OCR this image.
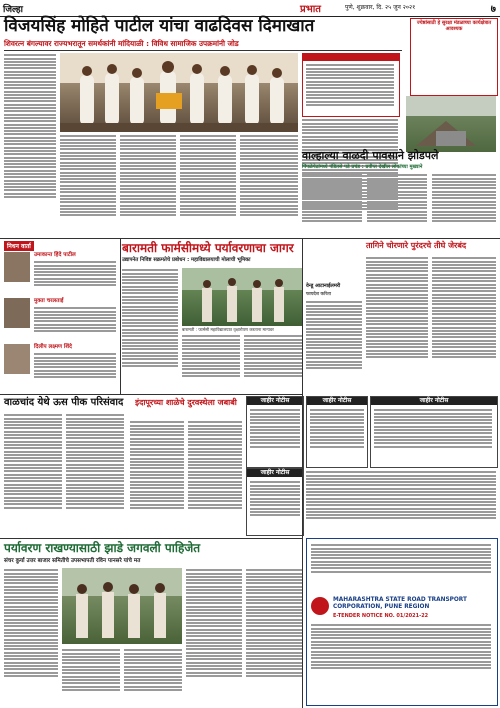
जिल्हा	प्रभात	पुणे, शुक्रवार, दि. २५ जुन २०२१	७
विजयसिंह मोहिते पाटील यांचा वाढदिवस दिमाखात
शिवरत्न बंगल्यावर राज्यभरातून समर्थकांनी मांदियाळी : विविध सामाजिक उपक्रमांनी जोड
ज्येष्ठांसाठी हे सुरक्षा मंडळाच्या कार्यक्षेत्रात आवश्यक
वाल्हाल्या वाळदी पावसाने झोडपले
पिंपळेपेठांमध्ये पंडितसे पडे प्रचंड : प्रवीप्त देखील लोकांच्या मुख्याने
निधन वार्ता
उमाकान्त हिंदे पाटील
मुक्ता चरलताई
दिलीप लक्ष्मण शिंदे
बारामती फार्मसीमध्ये पर्यावरणाचा जागर
उद्यापनेत निविष्ट सक्रमतेचे प्रबोधन : महाविद्यालयाची मोलाची भूमिका
बारामती : फार्मसी महाविद्यालयात वृक्षारोपण करताना मान्यवर
तागिने चोरणारे पुरंदरचे तीघे जेरबंद
वेन्डू आटानाईलमरी
फायदेश करिता
वाळचांद येथे ऊस पीक परिसंवाद	इंदापूरच्या शाळेचे दुरवस्थेला जबाबी	जाहीर नोटीस
जाहीर नोटीस
जाहीर नोटीस	जाहीर नोटीस
पर्यावरण राखण्यासाठी झाडे जगवली पाहिजेत
संचर कुर्या उत्तर बाजार समितीचे उपसभापती रविन पानसरे यांचे मत
MAHARASHTRA STATE ROAD TRANSPORT CORPORATION, PUNE REGION
E-TENDER NOTICE NO. 01/2021-22
